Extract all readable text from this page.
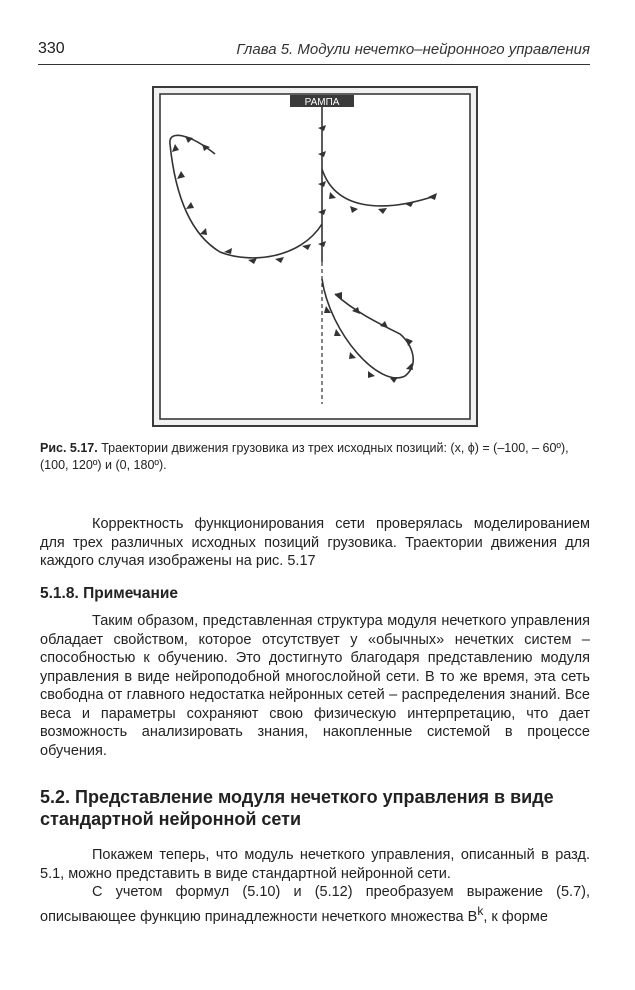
330	Глава 5. Модули нечетко–нейронного управления
РАМПА
Рис. 5.17. Траектории движения грузовика из трех исходных позиций: (x, ϕ) = (–100, – 60º), (100, 120º) и (0, 180º).
Корректность функционирования сети проверялась моделированием для трех различных исходных позиций грузовика. Траектории движения для каждого случая изображены на рис. 5.17
5.1.8. Примечание
Таким образом, представленная структура модуля нечеткого управления обладает свойством, которое отсутствует у «обычных» нечетких систем – способностью к обучению. Это достигнуто благодаря представлению модуля управления в виде нейроподобной многослойной сети. В то же время, эта сеть свободна от главного недостатка нейронных сетей – распределения знаний. Все веса и параметры сохраняют свою физическую интерпретацию, что дает возможность анализировать знания, накопленные системой в процессе обучения.
5.2. Представление модуля нечеткого управления в виде стандартной нейронной сети
Покажем теперь, что модуль нечеткого управления, описанный в разд. 5.1, можно представить в виде стандартной нейронной сети.
С учетом формул (5.10) и (5.12) преобразуем выражение (5.7), описывающее функцию принадлежности нечеткого множества $B^k$, к форме
